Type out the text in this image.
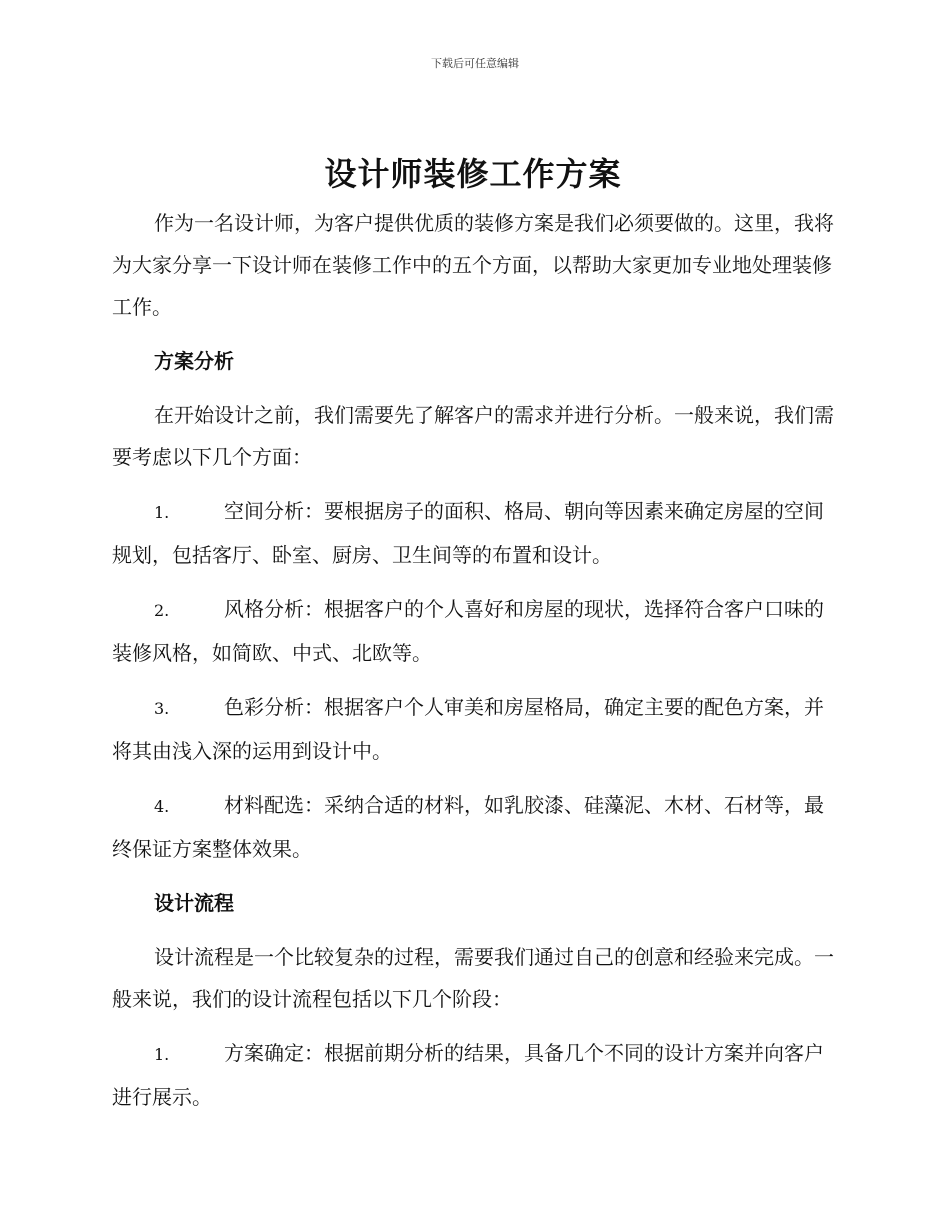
下载后可任意编辑
设计师装修工作方案

作为一名设计师，为客户提供优质的装修方案是我们必须要做的。这里，我将为大家分享一下设计师在装修工作中的五个方面，以帮助大家更加专业地处理装修工作。

方案分析

在开始设计之前，我们需要先了解客户的需求并进行分析。一般来说，我们需要考虑以下几个方面：

1.	空间分析：要根据房子的面积、格局、朝向等因素来确定房屋的空间规划，包括客厅、卧室、厨房、卫生间等的布置和设计。

2.	风格分析：根据客户的个人喜好和房屋的现状，选择符合客户口味的装修风格，如简欧、中式、北欧等。

3.	色彩分析：根据客户个人审美和房屋格局，确定主要的配色方案，并将其由浅入深的运用到设计中。

4.	材料配选：采纳合适的材料，如乳胶漆、硅藻泥、木材、石材等，最终保证方案整体效果。

设计流程

设计流程是一个比较复杂的过程，需要我们通过自己的创意和经验来完成。一般来说，我们的设计流程包括以下几个阶段：

1.	方案确定：根据前期分析的结果，具备几个不同的设计方案并向客户进行展示。
